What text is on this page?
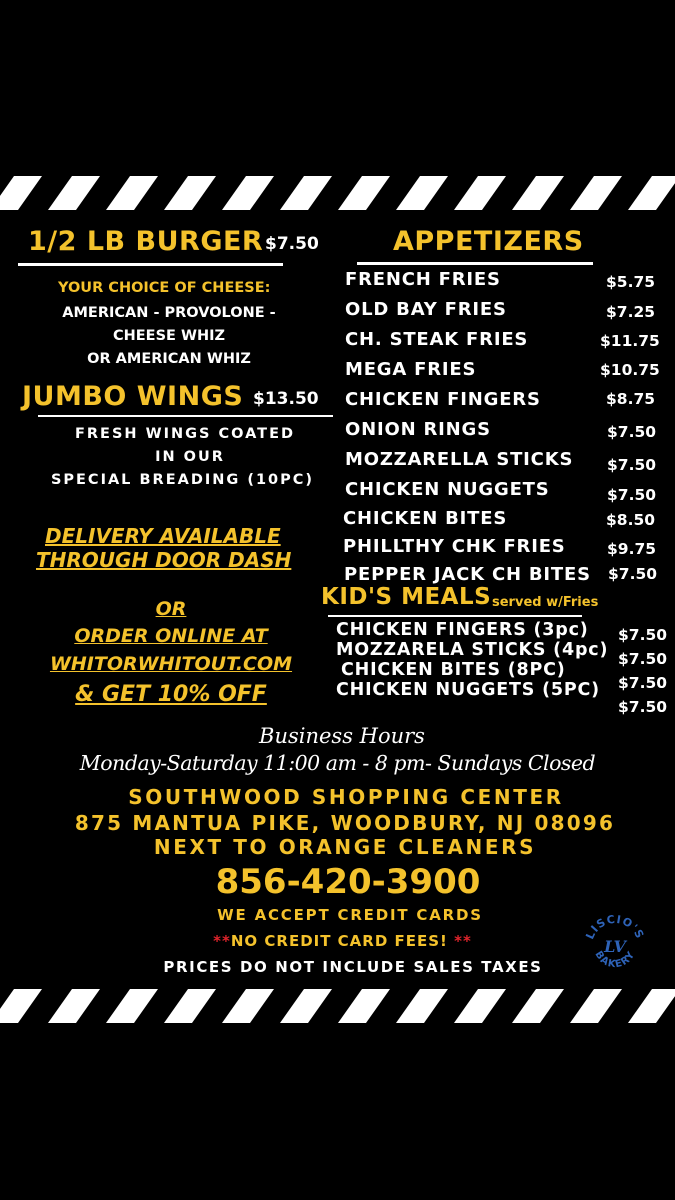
1/2 LB BURGER $7.50
YOUR CHOICE OF CHEESE:
AMERICAN - PROVOLONE -
CHEESE WHIZ
OR AMERICAN WHIZ
JUMBO WINGS $13.50
FRESH WINGS COATED
IN OUR
SPECIAL BREADING (10PC)
DELIVERY AVAILABLE
THROUGH DOOR DASH
OR
ORDER ONLINE AT
WHITORWHITOUT.COM
& GET 10% OFF
APPETIZERS
FRENCH FRIES	$5.75
OLD BAY FRIES	$7.25
CH. STEAK FRIES	$11.75
MEGA FRIES	$10.75
CHICKEN FINGERS	$8.75
ONION RINGS	$7.50
MOZZARELLA STICKS $7.50
CHICKEN NUGGETS	$7.50
CHICKEN BITES	$8.50
PHILLTHY CHK FRIES	$9.75
PEPPER JACK CH BITES $7.50
KID'S MEALS served w/Fries
CHICKEN FINGERS (3pc) $7.50
MOZZARELA STICKS (4pc) $7.50
CHICKEN BITES (8PC)
$7.50
CHICKEN NUGGETS (5PC)
$7.50
Business Hours
Monday-Saturday 11:00 am - 8 pm- Sundays Closed
SOUTHWOOD SHOPPING CENTER
875 MANTUA PIKE, WOODBURY, NJ 08096
NEXT TO ORANGE CLEANERS
856-420-3900
WE ACCEPT CREDIT CARDS
**NO CREDIT CARD FEES! **
PRICES DO NOT INCLUDE SALES TAXES
LISCIO'S
BAKERY
LV
